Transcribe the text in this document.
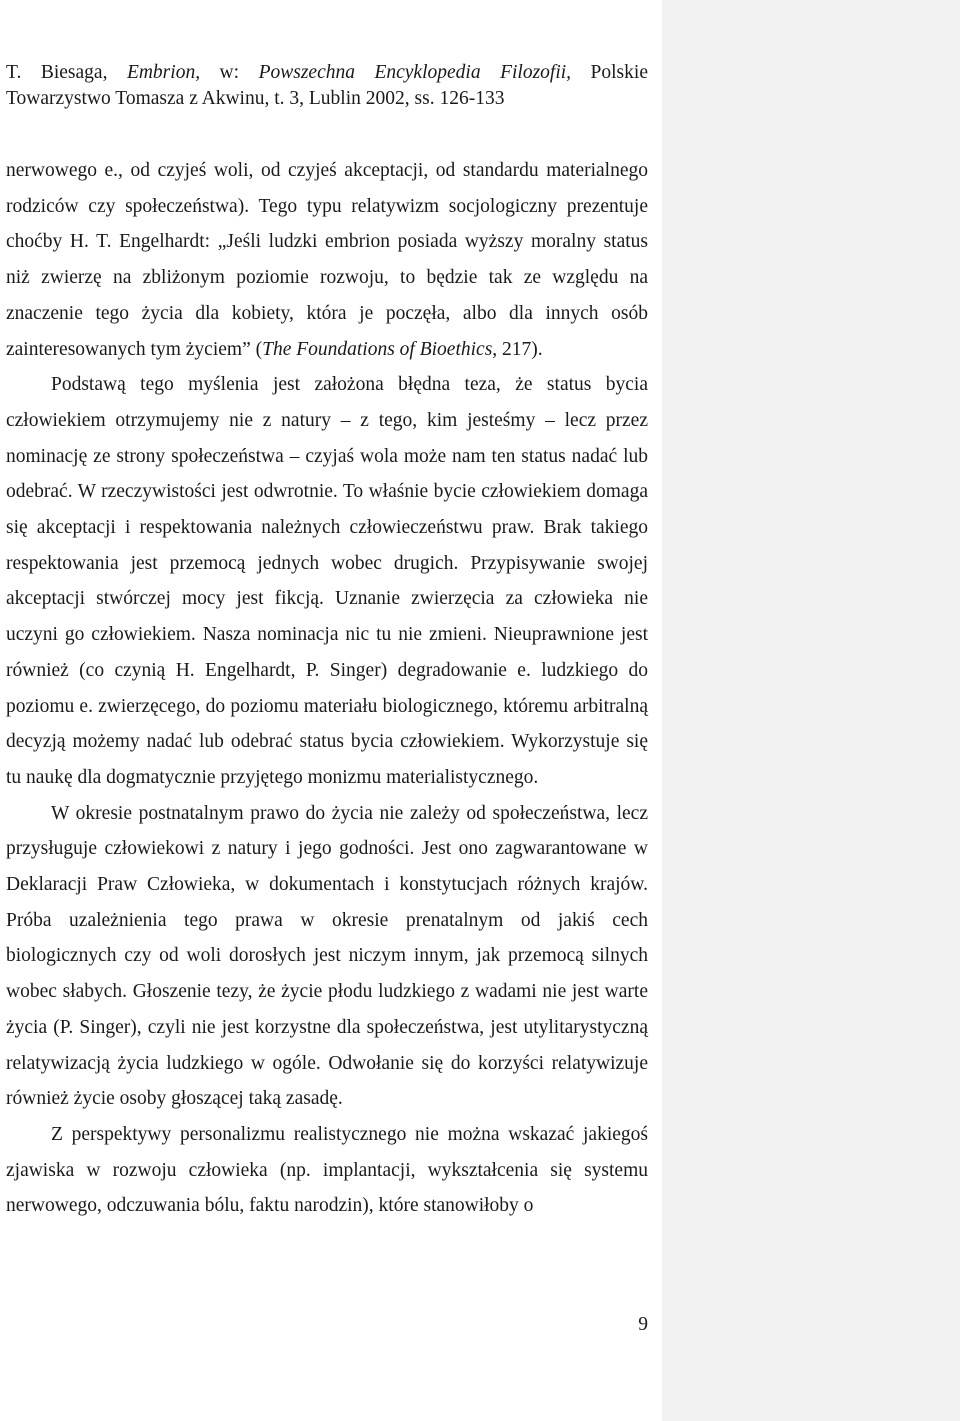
T. Biesaga, Embrion, w: Powszechna Encyklopedia Filozofii, Polskie Towarzystwo Tomasza z Akwinu, t. 3, Lublin 2002, ss. 126-133

nerwowego e., od czyjeś woli, od czyjeś akceptacji, od standardu materialnego rodziców czy społeczeństwa). Tego typu relatywizm socjologiczny prezentuje choćby H. T. Engelhardt: „Jeśli ludzki embrion posiada wyższy moralny status niż zwierzę na zbliżonym poziomie rozwoju, to będzie tak ze względu na znaczenie tego życia dla kobiety, która je poczęła, albo dla innych osób zainteresowanych tym życiem” (The Foundations of Bioethics, 217).

Podstawą tego myślenia jest założona błędna teza, że status bycia człowiekiem otrzymujemy nie z natury – z tego, kim jesteśmy – lecz przez nominację ze strony społeczeństwa – czyjaś wola może nam ten status nadać lub odebrać. W rzeczywistości jest odwrotnie. To właśnie bycie człowiekiem domaga się akceptacji i respektowania należnych człowieczeństwu praw. Brak takiego respektowania jest przemocą jednych wobec drugich. Przypisywanie swojej akceptacji stwórczej mocy jest fikcją. Uznanie zwierzęcia za człowieka nie uczyni go człowiekiem. Nasza nominacja nic tu nie zmieni. Nieuprawnione jest również (co czynią H. Engelhardt, P. Singer) degradowanie e. ludzkiego do poziomu e. zwierzęcego, do poziomu materiału biologicznego, któremu arbitralną decyzją możemy nadać lub odebrać status bycia człowiekiem. Wykorzystuje się tu naukę dla dogmatycznie przyjętego monizmu materialistycznego.

W okresie postnatalnym prawo do życia nie zależy od społeczeństwa, lecz przysługuje człowiekowi z natury i jego godności. Jest ono zagwarantowane w Deklaracji Praw Człowieka, w dokumentach i konstytucjach różnych krajów. Próba uzależnienia tego prawa w okresie prenatalnym od jakiś cech biologicznych czy od woli dorosłych jest niczym innym, jak przemocą silnych wobec słabych. Głoszenie tezy, że życie płodu ludzkiego z wadami nie jest warte życia (P. Singer), czyli nie jest korzystne dla społeczeństwa, jest utylitarystyczną relatywizacją życia ludzkiego w ogóle. Odwołanie się do korzyści relatywizuje również życie osoby głoszącej taką zasadę.

Z perspektywy personalizmu realistycznego nie można wskazać jakiegoś zjawiska w rozwoju człowieka (np. implantacji, wykształcenia się systemu nerwowego, odczuwania bólu, faktu narodzin), które stanowiłoby o

9
